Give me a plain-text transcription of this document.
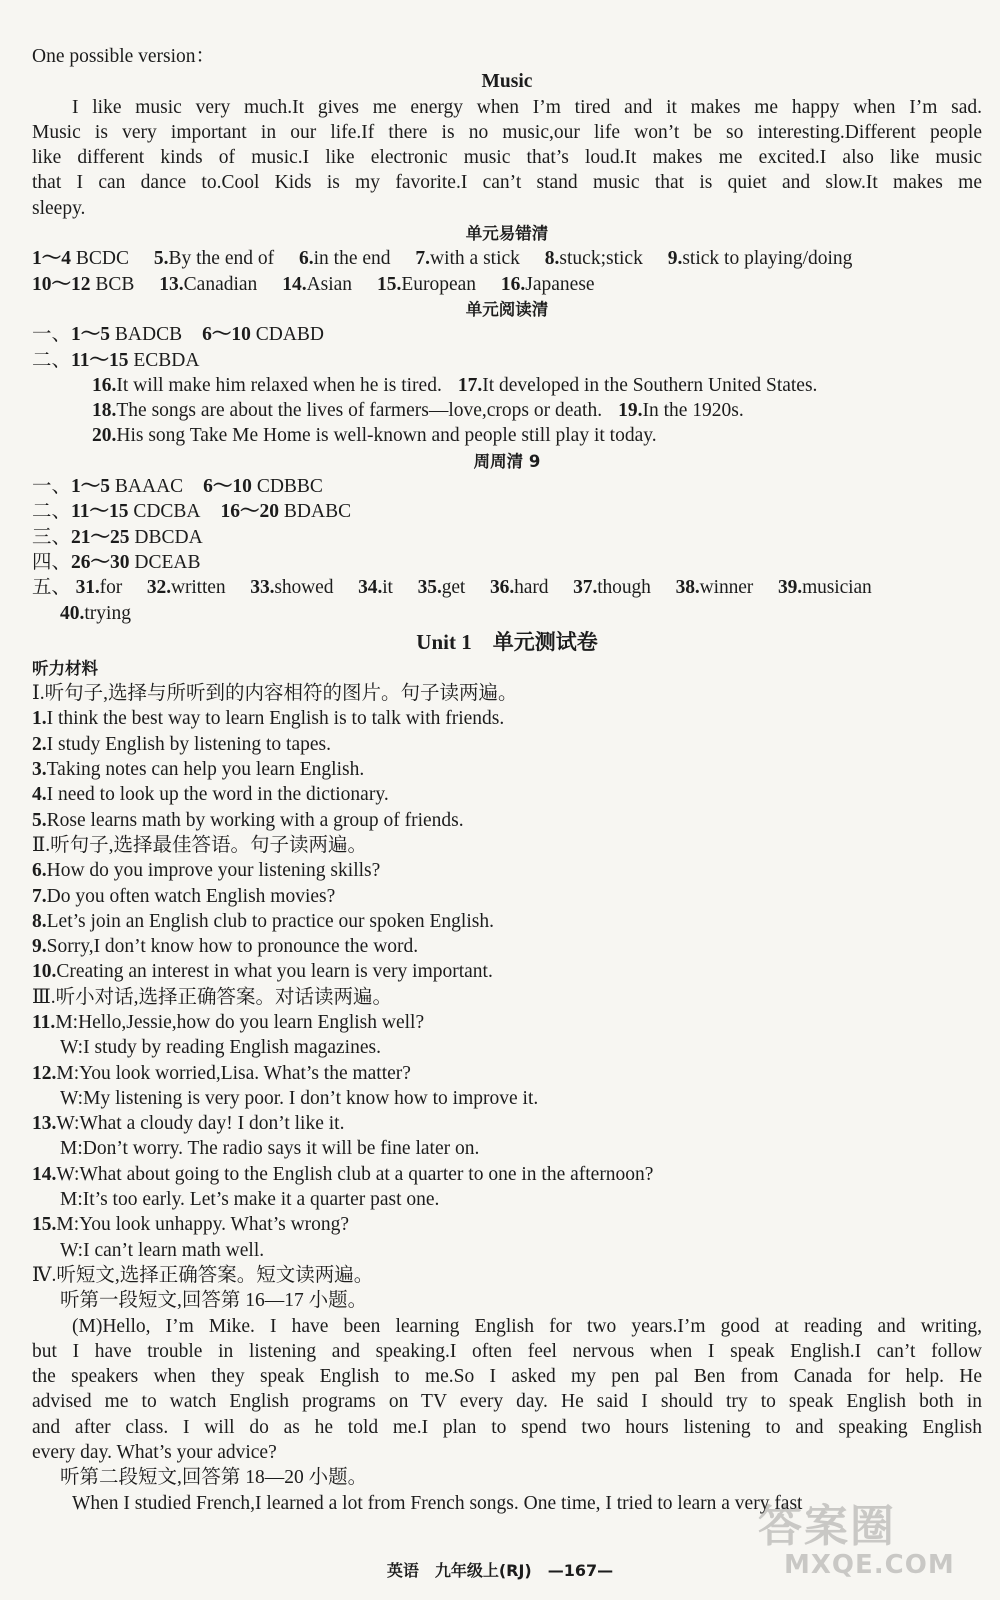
One possible version：
Music
I like music very much.It gives me energy when I’m tired and it makes me happy when I’m sad.
Music is very important in our life.If there is no music,our life won’t be so interesting.Different people
like different kinds of music.I like electronic music that’s loud.It makes me excited.I also like music
that I can dance to.Cool Kids is my favorite.I can’t stand music that is quiet and slow.It makes me
sleepy.
单元易错清
1～4 BCDC 5.By the end of 6.in the end 7.with a stick 8.stuck;stick 9.stick to playing/doing
10～12 BCB 13.Canadian 14.Asian 15.European 16.Japanese
单元阅读清
一、1～5 BADCB 6～10 CDABD
二、11～15 ECBDA
16.It will make him relaxed when he is tired. 17.It developed in the Southern United States.
18.The songs are about the lives of farmers—love,crops or death. 19.In the 1920s.
20.His song Take Me Home is well-known and people still play it today.
周周清 9
一、1～5 BAAAC 6～10 CDBBC
二、11～15 CDCBA 16～20 BDABC
三、21～25 DBCDA
四、26～30 DCEAB
五、 31.for 32.written 33.showed 34.it 35.get 36.hard 37.though 38.winner 39.musician
40.trying
Unit 1　单元测试卷
听力材料
Ⅰ.听句子,选择与所听到的内容相符的图片。句子读两遍。
1.I think the best way to learn English is to talk with friends.
2.I study English by listening to tapes.
3.Taking notes can help you learn English.
4.I need to look up the word in the dictionary.
5.Rose learns math by working with a group of friends.
Ⅱ.听句子,选择最佳答语。句子读两遍。
6.How do you improve your listening skills?
7.Do you often watch English movies?
8.Let’s join an English club to practice our spoken English.
9.Sorry,I don’t know how to pronounce the word.
10.Creating an interest in what you learn is very important.
Ⅲ.听小对话,选择正确答案。对话读两遍。
11.M:Hello,Jessie,how do you learn English well?
W:I study by reading English magazines.
12.M:You look worried,Lisa. What’s the matter?
W:My listening is very poor. I don’t know how to improve it.
13.W:What a cloudy day! I don’t like it.
M:Don’t worry. The radio says it will be fine later on.
14.W:What about going to the English club at a quarter to one in the afternoon?
M:It’s too early. Let’s make it a quarter past one.
15.M:You look unhappy. What’s wrong?
W:I can’t learn math well.
Ⅳ.听短文,选择正确答案。短文读两遍。
听第一段短文,回答第 16—17 小题。
(M)Hello, I’m Mike. I have been learning English for two years.I’m good at reading and writing,
but I have trouble in listening and speaking.I often feel nervous when I speak English.I can’t follow
the speakers when they speak English to me.So I asked my pen pal Ben from Canada for help. He
advised me to watch English programs on TV every day. He said I should try to speak English both in
and after class. I will do as he told me.I plan to spend two hours listening to and speaking English
every day. What’s your advice?
听第二段短文,回答第 18—20 小题。
When I studied French,I learned a lot from French songs. One time, I tried to learn a very fast
英语　九年级上(RJ)　—167—
答案圈
MXQE.COM
